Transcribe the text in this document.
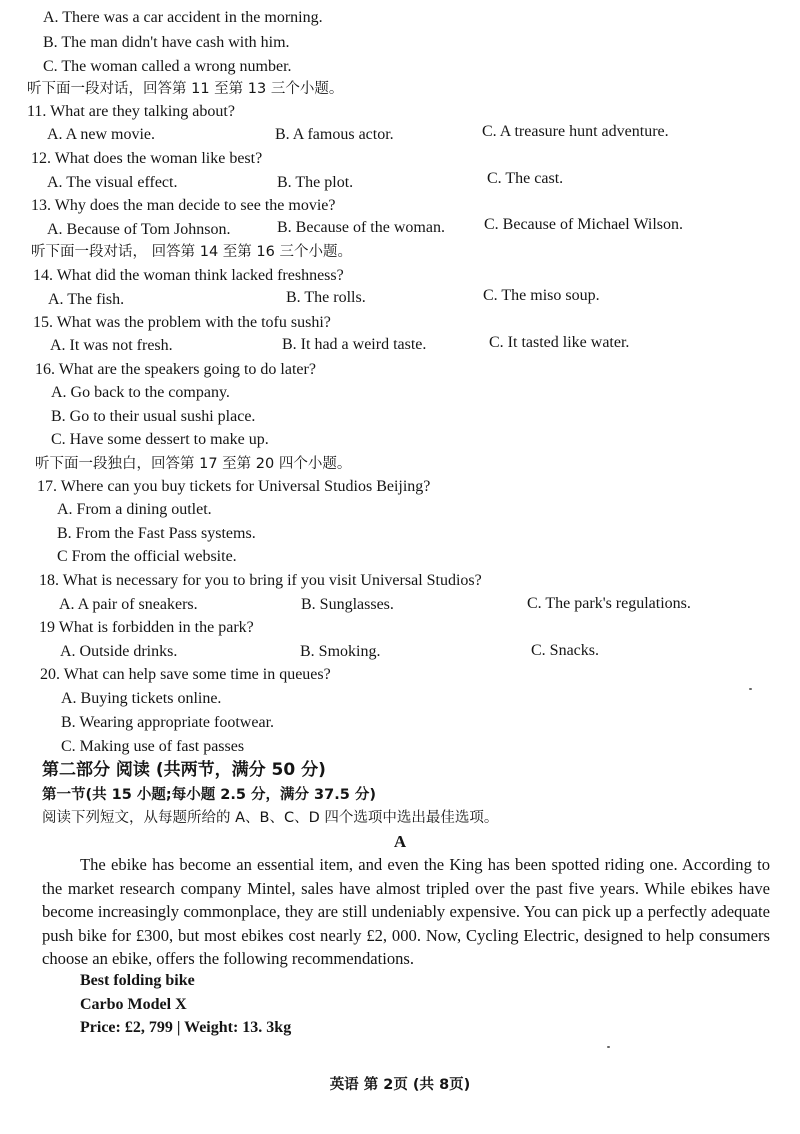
A. There was a car accident in the morning.
B. The man didn't have cash with him.
C. The woman called a wrong number.
听下面一段对话，回答第 11 至第 13 三个小题。
11. What are they talking about?
A. A new movie.	B. A famous actor.	C. A treasure hunt adventure.
12. What does the woman like best?
A. The visual effect.	B. The plot.	C. The cast.
13. Why does the man decide to see the movie?
A. Because of Tom Johnson.	B. Because of the woman. C. Because of Michael Wilson.
听下面一段对话， 回答第 14 至第 16 三个小题。
14. What did the woman think lacked freshness?
A. The fish.	B. The rolls.	C. The miso soup.
15. What was the problem with the tofu sushi?
A. It was not fresh.	B. It had a weird taste.	C. It tasted like water.
16. What are the speakers going to do later?
A. Go back to the company.
B. Go to their usual sushi place.
C. Have some dessert to make up.
听下面一段独白，回答第 17 至第 20 四个小题。
17. Where can you buy tickets for Universal Studios Beijing?
A. From a dining outlet.
B. From the Fast Pass systems.
C From the official website.
18. What is necessary for you to bring if you visit Universal Studios?
A. A pair of sneakers.	B. Sunglasses.	C. The park's regulations.
19 What is forbidden in the park?
A. Outside drinks.	B. Smoking.	C. Snacks.
20. What can help save some time in queues?
A. Buying tickets online.
B. Wearing appropriate footwear.
C. Making use of fast passes
第二部分 阅读 (共两节，满分 50 分)
第一节(共 15 小题;每小题 2.5 分，满分 37.5 分)
阅读下列短文，从每题所给的 A、B、C、D 四个选项中选出最佳选项。
A
The ebike has become an essential item, and even the King has been spotted riding one. According to the market research company Mintel, sales have almost tripled over the past five years. While ebikes have become increasingly commonplace, they are still undeniably expensive. You can pick up a perfectly adequate push bike for £300, but most ebikes cost nearly £2, 000. Now, Cycling Electric, designed to help consumers choose an ebike, offers the following recommendations.
Best folding bike
Carbo Model X
Price: £2, 799 | Weight: 13. 3kg
英语 第 2页 (共 8页)
